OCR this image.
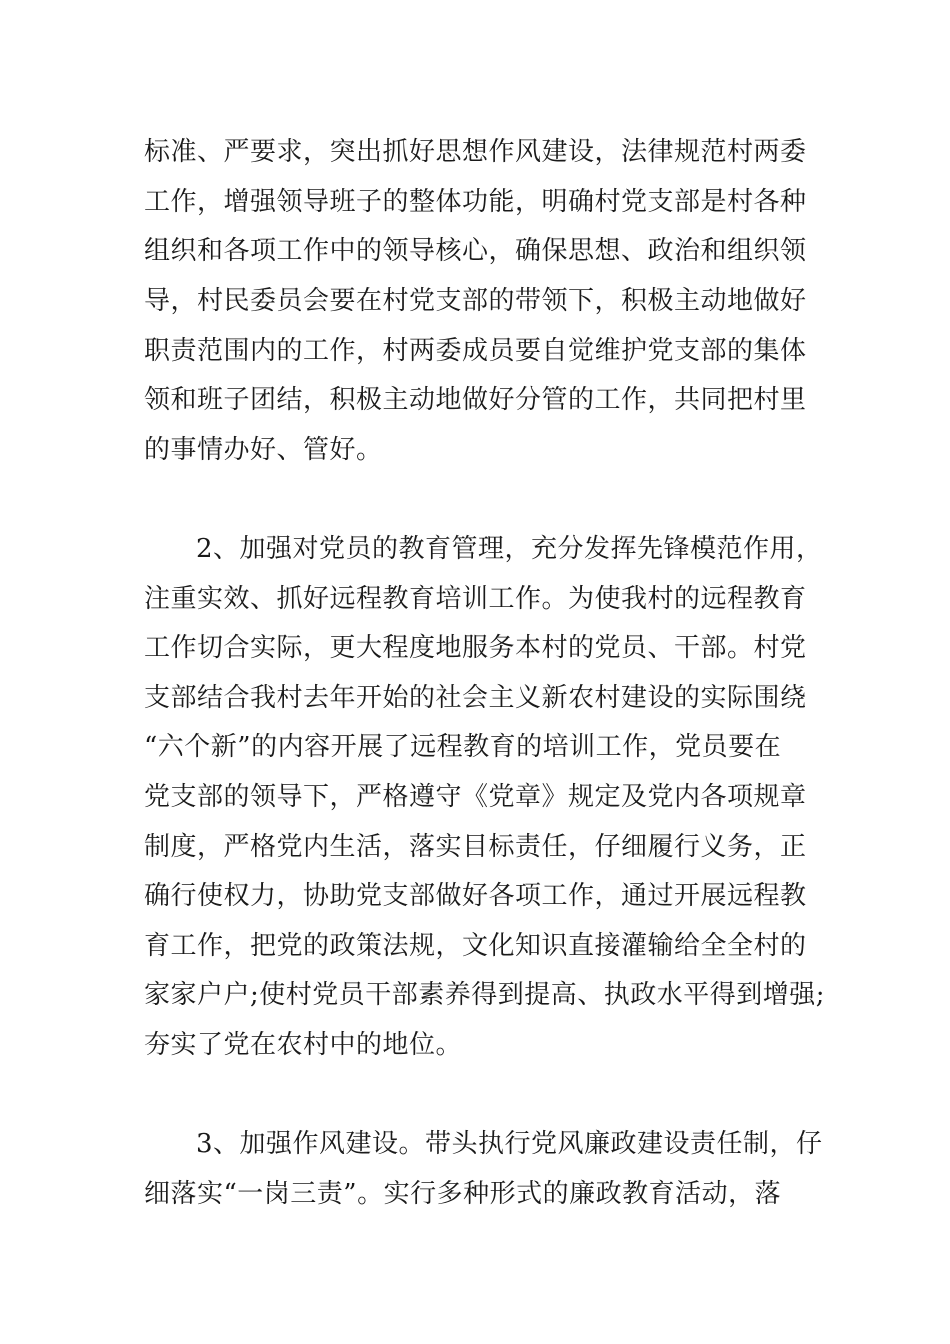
标准、严要求，突出抓好思想作风建设，法律规范村两委
工作，增强领导班子的整体功能，明确村党支部是村各种
组织和各项工作中的领导核心，确保思想、政治和组织领
导，村民委员会要在村党支部的带领下，积极主动地做好
职责范围内的工作，村两委成员要自觉维护党支部的集体
领和班子团结，积极主动地做好分管的工作，共同把村里
的事情办好、管好。
2、加强对党员的教育管理，充分发挥先锋模范作用，
注重实效、抓好远程教育培训工作。为使我村的远程教育
工作切合实际，更大程度地服务本村的党员、干部。村党
支部结合我村去年开始的社会主义新农村建设的实际围绕
“六个新”的内容开展了远程教育的培训工作，党员要在
党支部的领导下，严格遵守《党章》规定及党内各项规章
制度，严格党内生活，落实目标责任，仔细履行义务，正
确行使权力，协助党支部做好各项工作，通过开展远程教
育工作，把党的政策法规，文化知识直接灌输给全全村的
家家户户;使村党员干部素养得到提高、执政水平得到增强;
夯实了党在农村中的地位。
3、加强作风建设。带头执行党风廉政建设责任制，仔
细落实“一岗三责”。实行多种形式的廉政教育活动，落
